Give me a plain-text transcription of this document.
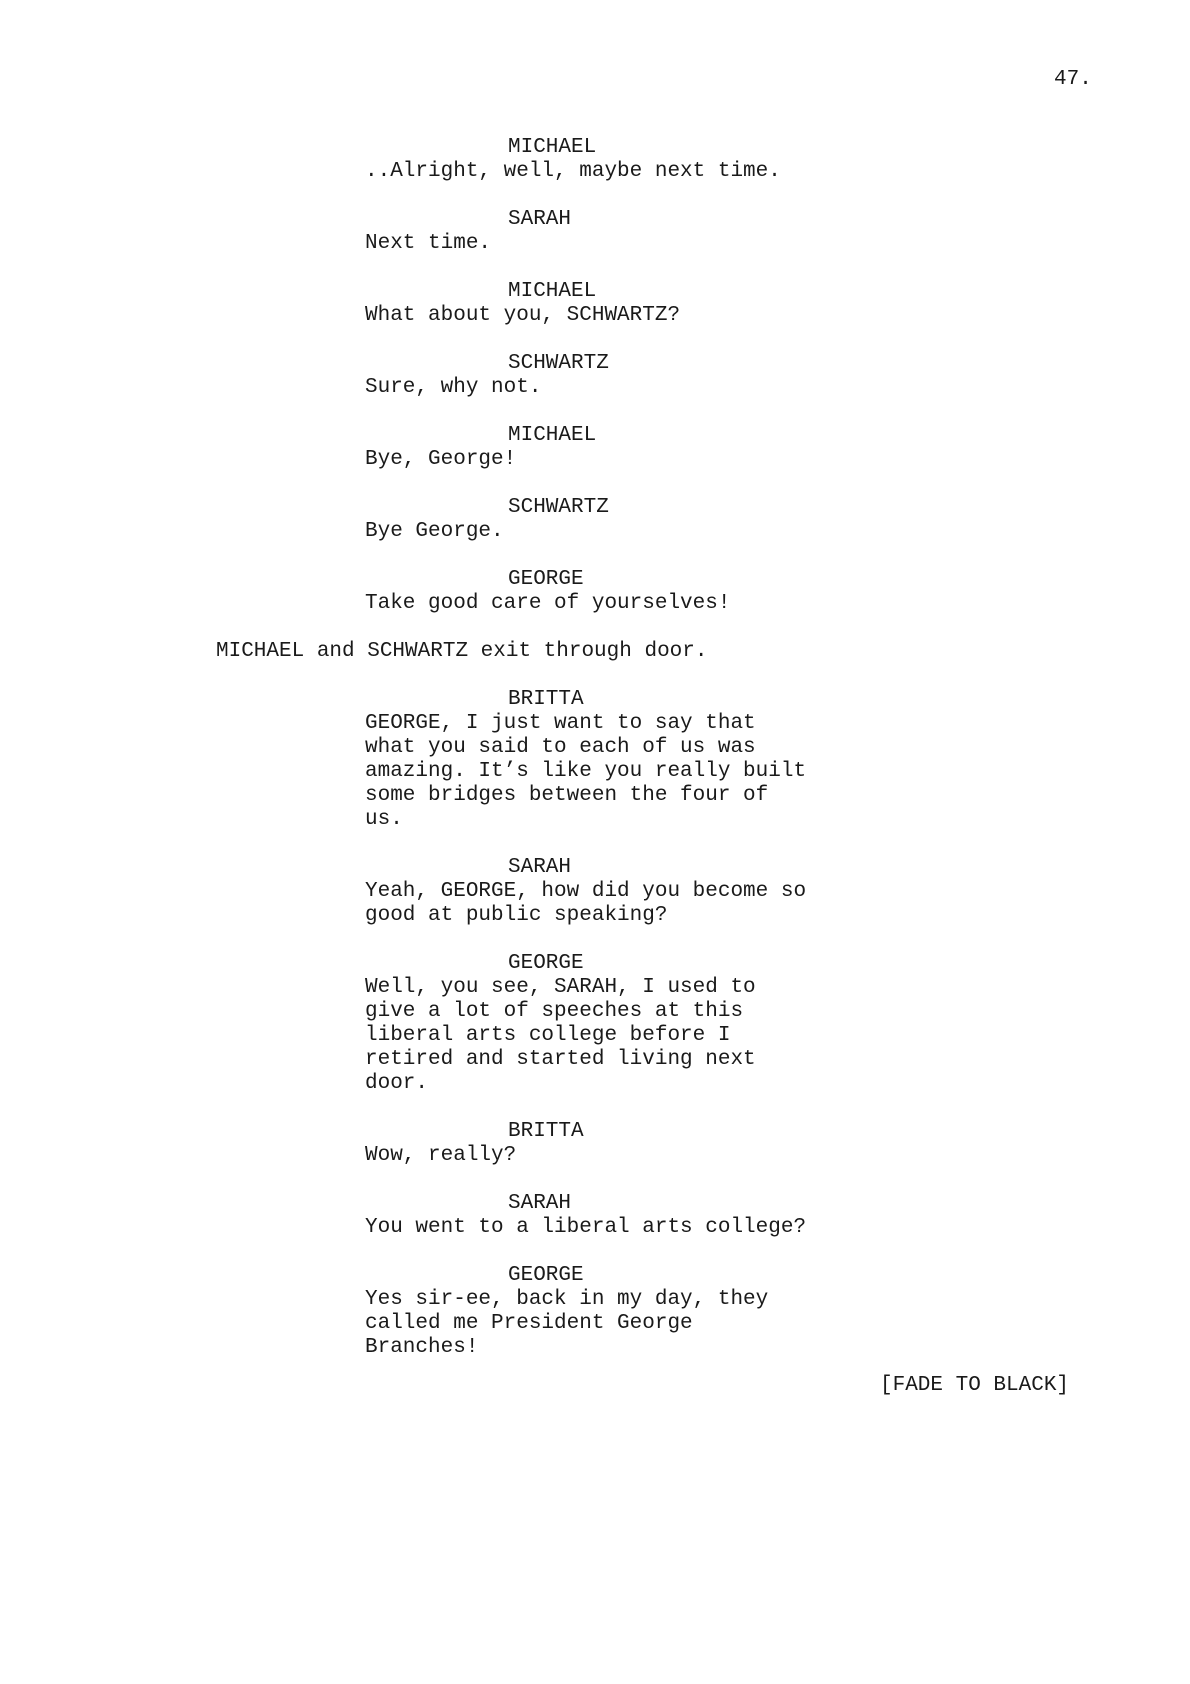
47.

MICHAEL

..Alright, well, maybe next time.

SARAH

Next time.

MICHAEL

What about you, SCHWARTZ?

SCHWARTZ

Sure, why not.

MICHAEL

Bye, George!

SCHWARTZ

Bye George.

GEORGE

Take good care of yourselves!

MICHAEL and SCHWARTZ exit through door.

BRITTA

GEORGE, I just want to say that
what you said to each of us was
amazing. It’s like you really built
some bridges between the four of
us.

SARAH

Yeah, GEORGE, how did you become so
good at public speaking?

GEORGE

Well, you see, SARAH, I used to
give a lot of speeches at this
liberal arts college before I
retired and started living next
door.

BRITTA

Wow, really?

SARAH

You went to a liberal arts college?

GEORGE

Yes sir-ee, back in my day, they
called me President George
Branches!

[FADE TO BLACK]
